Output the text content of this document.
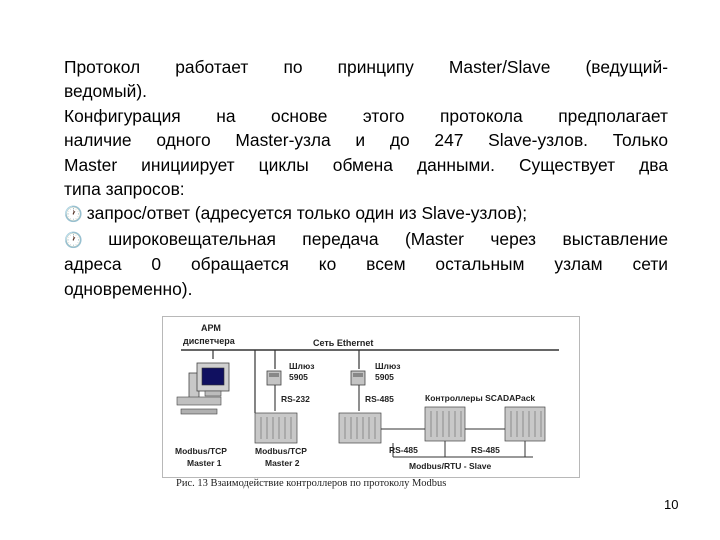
Протокол работает по принципу Master/Slave (ведущий-
ведомый).
Конфигурация на основе этого протокола предполагает
наличие одного Master-узла и до 247 Slave-узлов. Только
Master инициирует циклы обмена данными. Существует два
типа запросов:
🕐 запрос/ответ (адресуется только один из Slave-узлов);
🕐 широковещательная передача (Master через выставление
адреса 0 обращается ко всем остальным узлам сети
одновременно).
Сеть Ethernet
АРМ
диспетчера
Шлюз
5905
RS-232
Шлюз
5905
RS-485	Контроллеры SCADAPack
RS-485	RS-485
Modbus/TCP
Master 1
Modbus/TCP
Master 2	Modbus/RTU - Slave
Рис. 13 Взаимодействие контроллеров по протоколу Modbus
10
